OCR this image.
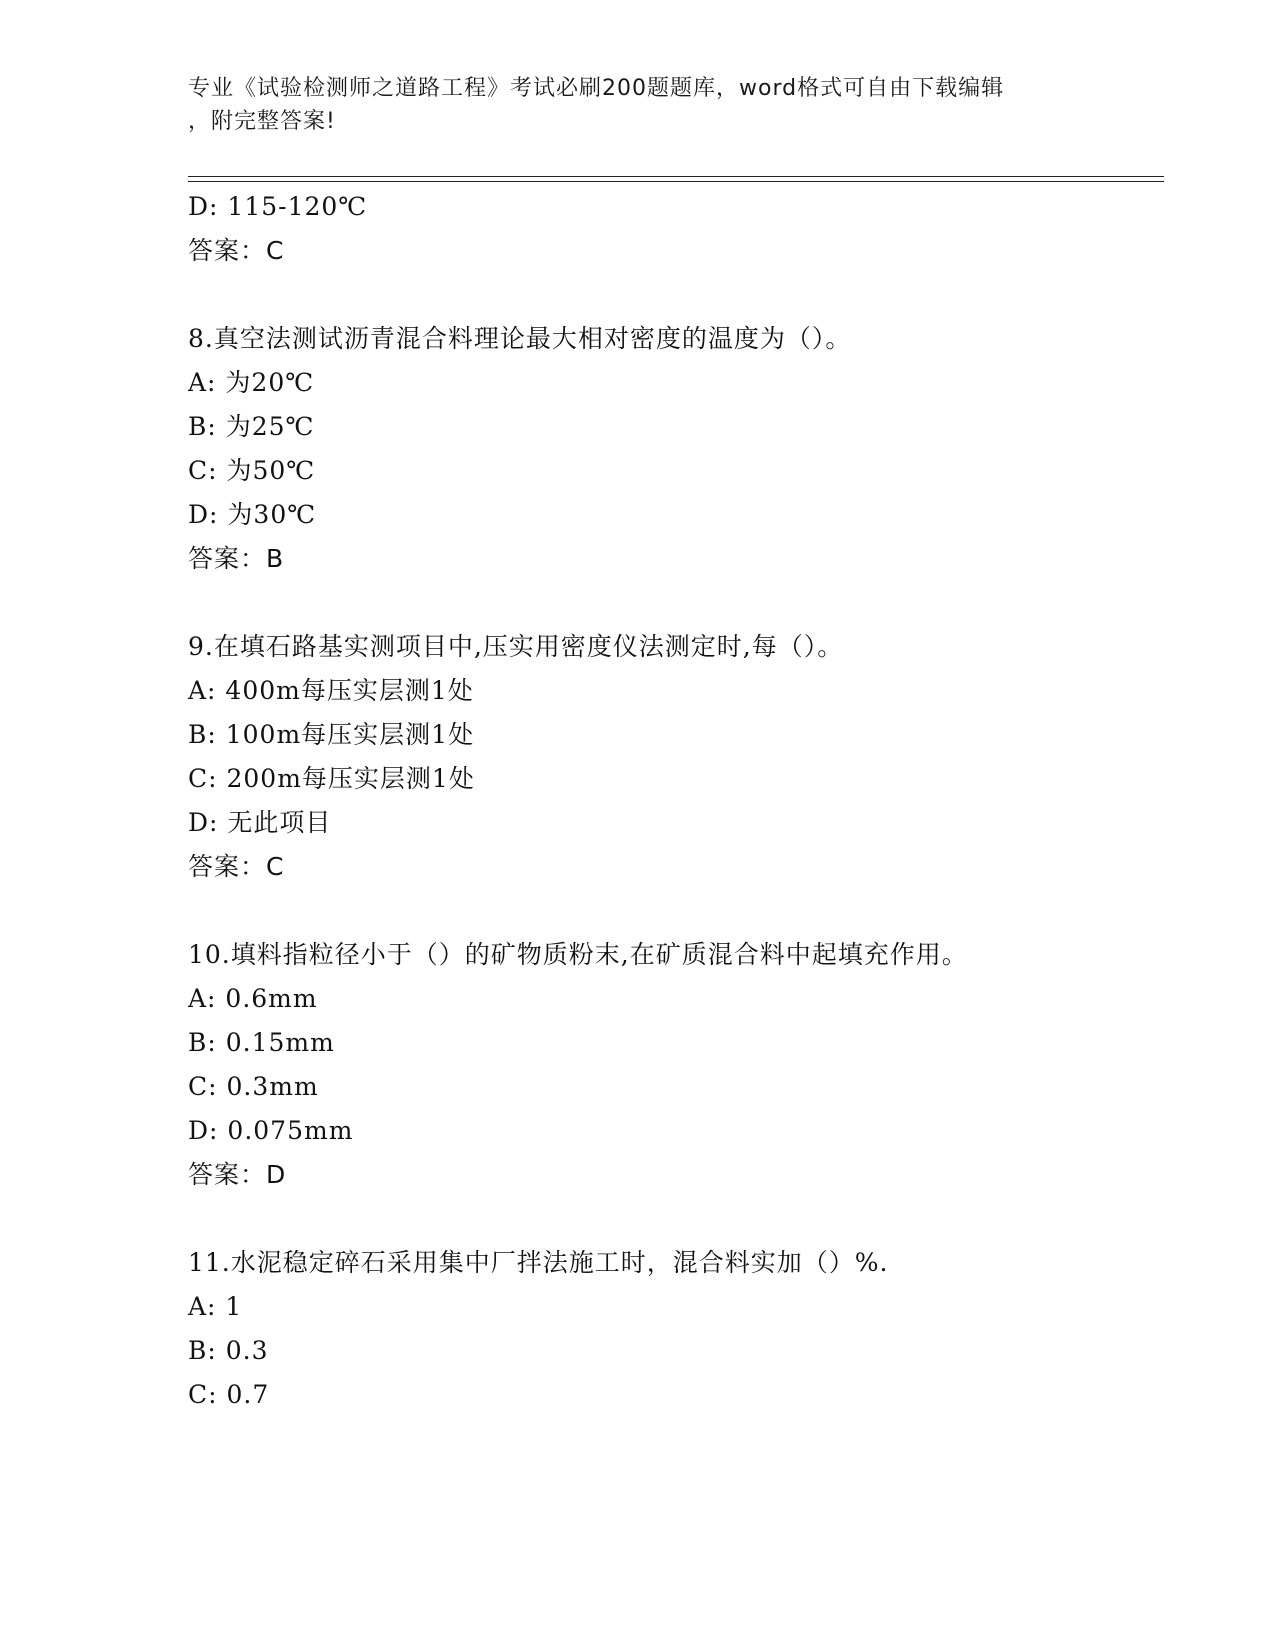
专业《试验检测师之道路工程》考试必刷200题题库，word格式可自由下载编辑
，附完整答案!
D: 115-120℃
答案：C
8.真空法测试沥青混合料理论最大相对密度的温度为（）。
A: 为20℃
B: 为25℃
C: 为50℃
D: 为30℃
答案：B
9.在填石路基实测项目中,压实用密度仪法测定时,每（）。
A: 400m每压实层测1处
B: 100m每压实层测1处
C: 200m每压实层测1处
D: 无此项目
答案：C
10.填料指粒径小于（）的矿物质粉末,在矿质混合料中起填充作用。
A: 0.6mm
B: 0.15mm
C: 0.3mm
D: 0.075mm
答案：D
11.水泥稳定碎石采用集中厂拌法施工时，混合料实加（）%.
A: 1
B: 0.3
C: 0.7
